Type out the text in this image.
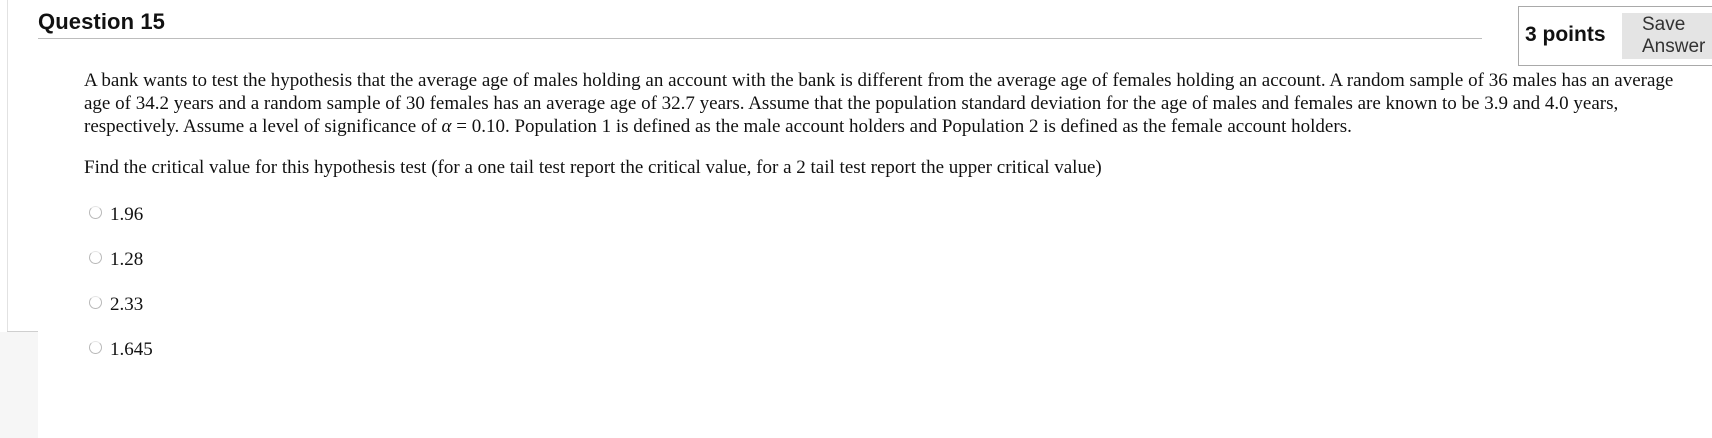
Question 15
3 points	Save Answer

A bank wants to test the hypothesis that the average age of males holding an account with the bank is different from the average age of females holding an account. A random sample of 36 males has an average age of 34.2 years and a random sample of 30 females has an average age of 32.7 years. Assume that the population standard deviation for the age of males and females are known to be 3.9 and 4.0 years, respectively. Assume a level of significance of α = 0.10. Population 1 is defined as the male account holders and Population 2 is defined as the female account holders.

Find the critical value for this hypothesis test (for a one tail test report the critical value, for a 2 tail test report the upper critical value)

1.96
1.28
2.33
1.645
